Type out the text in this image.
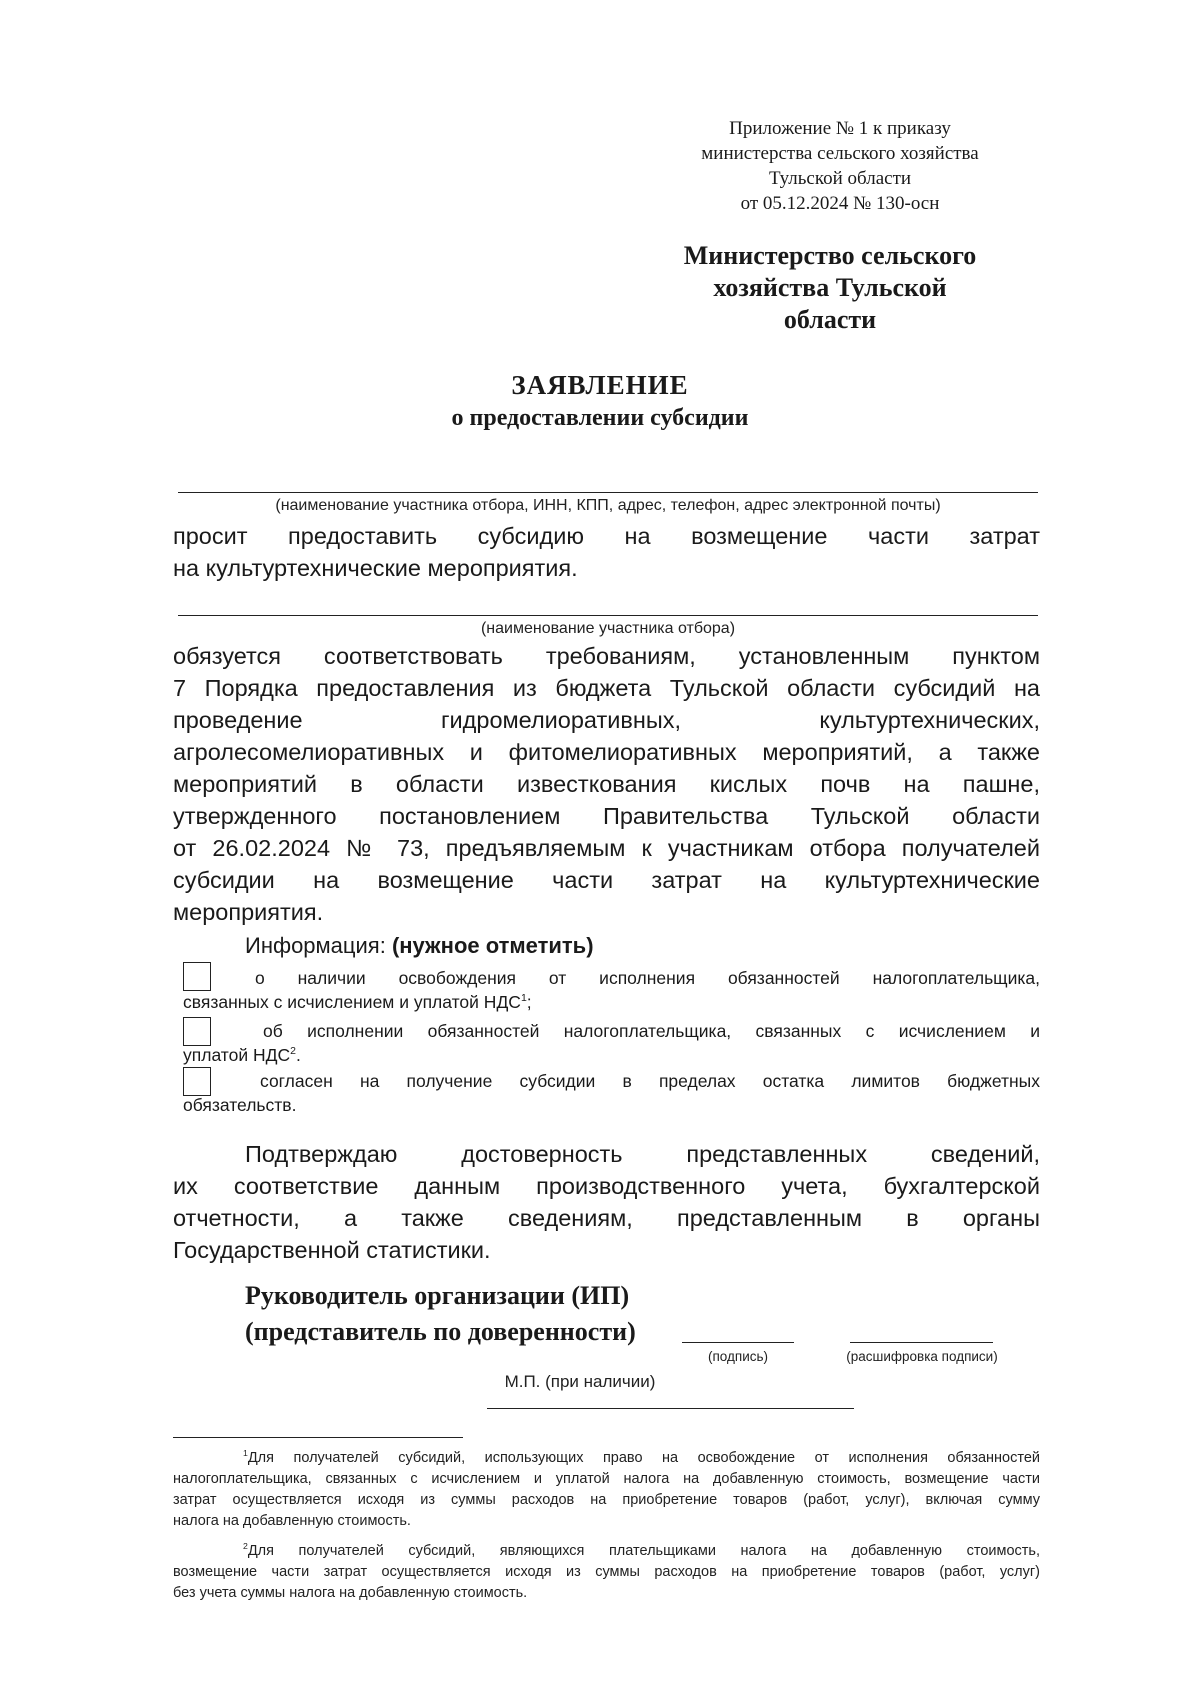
Приложение № 1 к приказу
министерства сельского хозяйства
Тульской области
от 05.12.2024 № 130-осн
Министерство сельского
хозяйства Тульской
области
ЗАЯВЛЕНИЕ
о предоставлении субсидии
(наименование участника отбора, ИНН, КПП, адрес, телефон, адрес электронной почты)
просит предоставить субсидию на возмещение части затрат
на культуртехнические мероприятия.
(наименование участника отбора)
обязуется соответствовать требованиям, установленным пунктом
7 Порядка предоставления из бюджета Тульской области субсидий на
проведение гидромелиоративных, культуртехнических,
агролесомелиоративных и фитомелиоративных мероприятий, а также
мероприятий в области известкования кислых почв на пашне,
утвержденного постановлением Правительства Тульской области
от 26.02.2024 № 73, предъявляемым к участникам отбора получателей
субсидии на возмещение части затрат на культуртехнические
мероприятия.
Информация: (нужное отметить)
о наличии освобождения от исполнения обязанностей налогоплательщика,
связанных с исчислением и уплатой НДС$^1$;
об исполнении обязанностей налогоплательщика, связанных с исчислением и
уплатой НДС$^2$.
согласен на получение субсидии в пределах остатка лимитов бюджетных
обязательств.
Подтверждаю достоверность представленных сведений,
их соответствие данным производственного учета, бухгалтерской
отчетности, а также сведениям, представленным в органы
Государственной статистики.
Руководитель организации (ИП)
(представитель по доверенности)
(подпись)	(расшифровка подписи)
М.П. (при наличии)
$^1$Для получателей субсидий, использующих право на освобождение от исполнения обязанностей
налогоплательщика, связанных с исчислением и уплатой налога на добавленную стоимость, возмещение части
затрат осуществляется исходя из суммы расходов на приобретение товаров (работ, услуг), включая сумму
налога на добавленную стоимость.
$^2$Для получателей субсидий, являющихся плательщиками налога на добавленную стоимость,
возмещение части затрат осуществляется исходя из суммы расходов на приобретение товаров (работ, услуг)
без учета суммы налога на добавленную стоимость.
